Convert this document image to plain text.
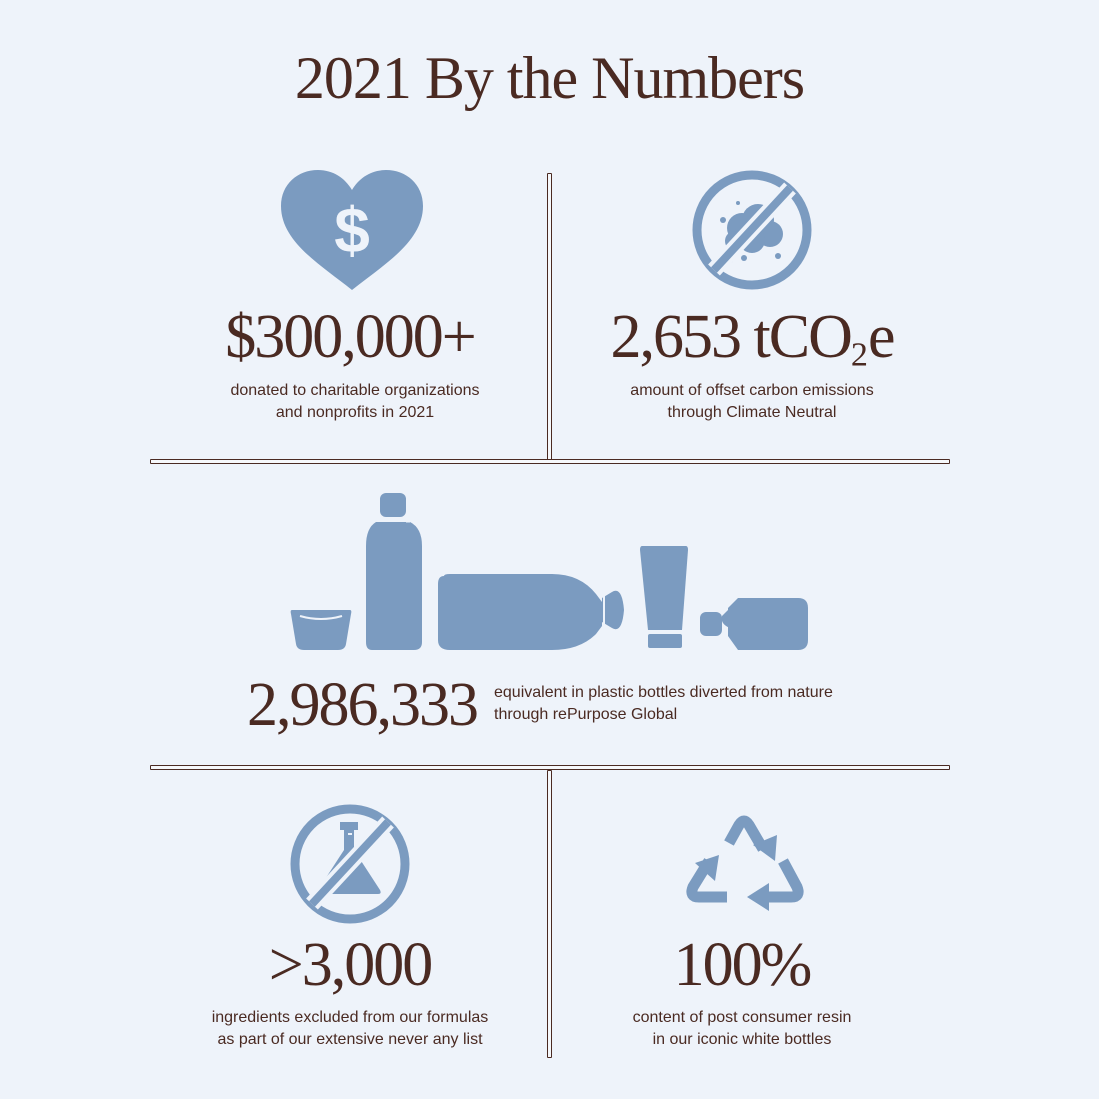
2021 By the Numbers
$
$300,000+
donated to charitable organizations
and nonprofits in 2021
2,653 tCO$_2$e
amount of offset carbon emissions
through Climate Neutral
2,986,333	equivalent in plastic bottles diverted from nature
through rePurpose Global
>3,000
ingredients excluded from our formulas
as part of our extensive never any list
100%
content of post consumer resin
in our iconic white bottles
